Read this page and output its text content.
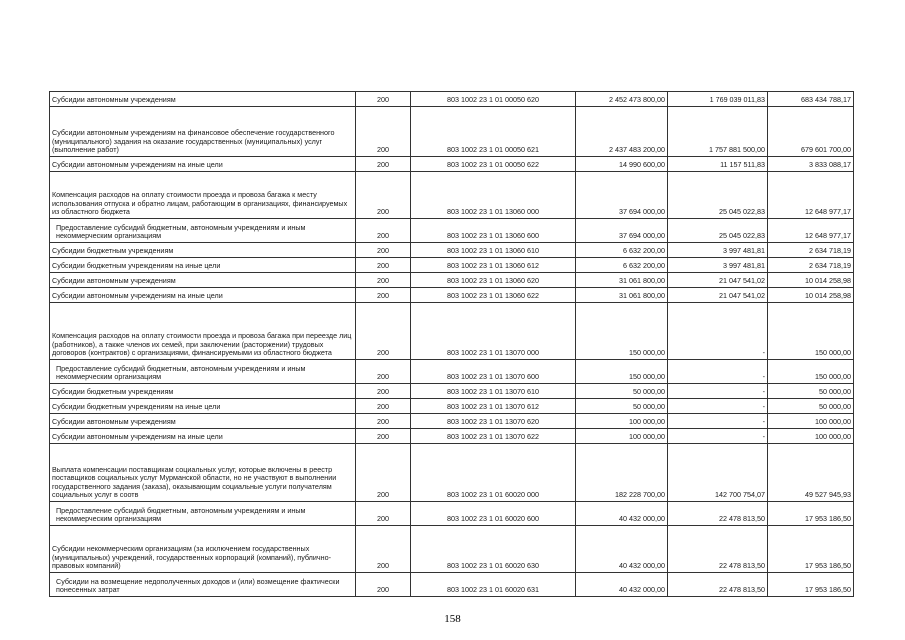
Субсидии автономным учреждениям	200	803 1002 23 1 01 00050 620	2 452 473 800,00	1 769 039 011,83	683 434 788,17
Субсидии автономным учреждениям на финансовое обеспечение государственного (муниципального) задания на оказание государственных (муниципальных) услуг (выполнение работ)	200	803 1002 23 1 01 00050 621	2 437 483 200,00	1 757 881 500,00	679 601 700,00
Субсидии автономным учреждениям на иные цели	200	803 1002 23 1 01 00050 622	14 990 600,00	11 157 511,83	3 833 088,17
Компенсация расходов на оплату стоимости проезда и провоза багажа к месту использования отпуска и обратно лицам, работающим в организациях, финансируемых из областного бюджета	200	803 1002 23 1 01 13060 000	37 694 000,00	25 045 022,83	12 648 977,17
Предоставление субсидий бюджетным, автономным учреждениям и иным некоммерческим организациям	200	803 1002 23 1 01 13060 600	37 694 000,00	25 045 022,83	12 648 977,17
Субсидии бюджетным учреждениям	200	803 1002 23 1 01 13060 610	6 632 200,00	3 997 481,81	2 634 718,19
Субсидии бюджетным учреждениям на иные цели	200	803 1002 23 1 01 13060 612	6 632 200,00	3 997 481,81	2 634 718,19
Субсидии автономным учреждениям	200	803 1002 23 1 01 13060 620	31 061 800,00	21 047 541,02	10 014 258,98
Субсидии автономным учреждениям на иные цели	200	803 1002 23 1 01 13060 622	31 061 800,00	21 047 541,02	10 014 258,98
Компенсация расходов на оплату стоимости проезда и провоза багажа при переезде лиц (работников), а также членов их семей, при заключении (расторжении) трудовых договоров (контрактов) с организациями, финансируемыми из областного бюджета	200	803 1002 23 1 01 13070 000	150 000,00	-	150 000,00
Предоставление субсидий бюджетным, автономным учреждениям и иным некоммерческим организациям	200	803 1002 23 1 01 13070 600	150 000,00	-	150 000,00
Субсидии бюджетным учреждениям	200	803 1002 23 1 01 13070 610	50 000,00	-	50 000,00
Субсидии бюджетным учреждениям на иные цели	200	803 1002 23 1 01 13070 612	50 000,00	-	50 000,00
Субсидии автономным учреждениям	200	803 1002 23 1 01 13070 620	100 000,00	-	100 000,00
Субсидии автономным учреждениям на иные цели	200	803 1002 23 1 01 13070 622	100 000,00	-	100 000,00
Выплата компенсации поставщикам социальных услуг, которые включены в реестр поставщиков социальных услуг Мурманской области, но не участвуют в выполнении государственного задания (заказа), оказывающим социальные услуги получателям социальных услуг в соотв	200	803 1002 23 1 01 60020 000	182 228 700,00	142 700 754,07	49 527 945,93
Предоставление субсидий бюджетным, автономным учреждениям и иным некоммерческим организациям	200	803 1002 23 1 01 60020 600	40 432 000,00	22 478 813,50	17 953 186,50
Субсидии некоммерческим организациям (за исключением государственных (муниципальных) учреждений, государственных корпораций (компаний), публично-правовых компаний)	200	803 1002 23 1 01 60020 630	40 432 000,00	22 478 813,50	17 953 186,50
Субсидии на возмещение недополученных доходов и (или) возмещение фактически понесенных затрат	200	803 1002 23 1 01 60020 631	40 432 000,00	22 478 813,50	17 953 186,50
158
